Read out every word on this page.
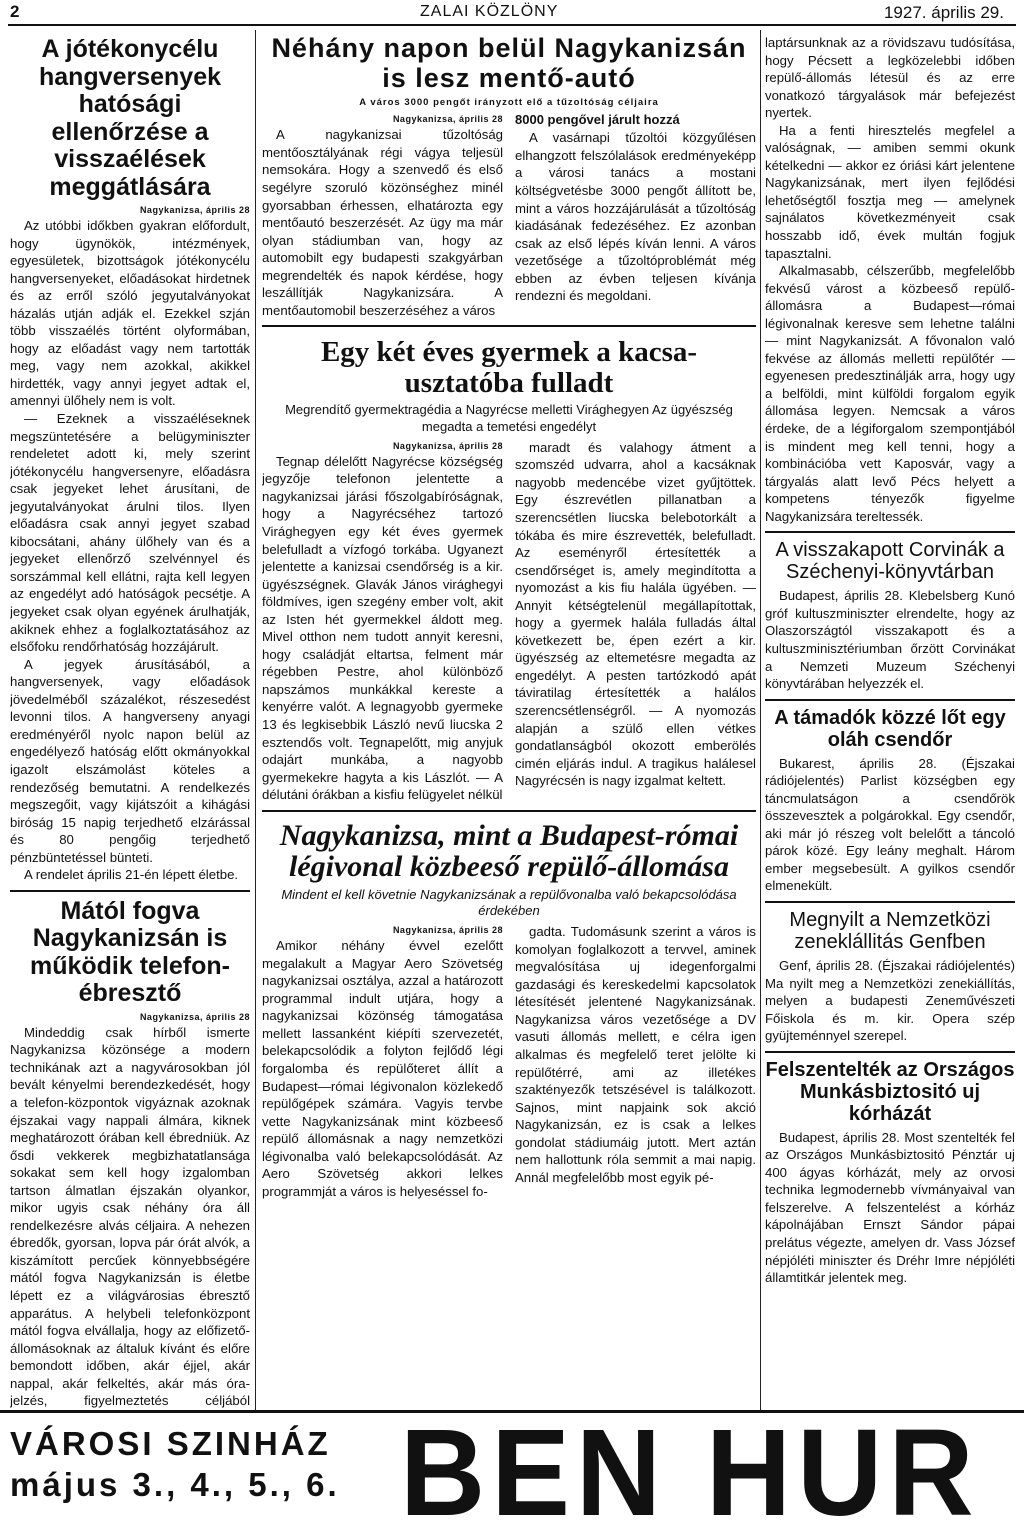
2	ZALAI KÖZLÖNY	1927. április 29.
A jótékonycélu hangversenyek hatósági ellenőrzése a visszaélések meggátlására
Nagykanizsa, április 28

Az utóbbi időkben gyakran előfordult, hogy ügynökök, intézmények, egyesületek, bizottságok jótékonycélu hangversenyeket, előadásokat hirdetnek és az erről szóló jegyutalványokat házalás utján adják el. Ezekkel szján több visszaélés történt olyformában, hogy az előadást vagy nem tartották meg, vagy nem azokkal, akikkel hirdették, vagy annyi jegyet adtak el, amennyi ülőhely nem is volt.

— Ezeknek a visszaéléseknek megszüntetésére a belügyminiszter rendeletet adott ki, mely szerint jótékonycélu hangversenyre, előadásra csak jegyeket lehet árusítani, de jegyutalványokat árulni tilos. Ilyen előadásra csak annyi jegyet szabad kibocsátani, ahány ülőhely van és a jegyeket ellenőrző szelvénnyel és sorszámmal kell ellátni, rajta kell legyen az engedélyt adó hatóságok pecsétje. A jegyeket csak olyan egyének árulhatják, akiknek ehhez a foglalkoztatásához az elsőfoku rendőrhatóság hozzájárult.

A jegyek árusításából, a hangversenyek, vagy előadások jövedelméből százalékot, részesedést levonni tilos. A hangverseny anyagi eredményéről nyolc napon belül az engedélyező hatóság előtt okmányokkal igazolt elszámolást köteles a rendezőség bemutatni. A rendelkezés megszegőit, vagy kijátszóit a kihágási biróság 15 napig terjedhető elzárással és 80 pengőig terjedhető pénzbüntetéssel bünteti.

A rendelet április 21-én lépett életbe.

Mától fogva Nagykanizsán is működik telefon-ébresztő
Nagykanizsa, április 28

Mindeddig csak hírből ismerte Nagykanizsa közönsége a modern technikának azt a nagyvárosokban jól bevált kényelmi berendezkedését, hogy a telefon-központok vigyáznak azoknak éjszakai vagy nappali álmára, kiknek meghatározott órában kell ébredniük. Az ősdi vekkerek megbizhatatlansága sokakat sem kell hogy izgalomban tartson álmatlan éjszakán olyankor, mikor ugyis csak néhány óra áll rendelkezésre alvás céljaira. A nehezen ébredők, gyorsan, lopva pár órát alvók, a kiszámított percűek könnyebbségére mától fogva Nagykanizsán is életbe lépett ez a világvárosias ébresztő apparátus. A helybeli telefonközpont mától fogva elvállalja, hogy az előfizető-állomásoknak az általuk kívánt és előre bemondott időben, akár éjjel, akár nappal, akár felkeltés, akár más óra-jelzés, figyelmeztetés céljából

Néhány napon belül Nagykanizsán is lesz mentő-autó
A város 3000 pengőt irányzott elő a tűzoltóság céljaira
Nagykanizsa, április 28

A nagykanizsai tűzoltóság mentőosztályának régi vágya teljesül nemsokára. Hogy a szenvedő és első segélyre szoruló közönséghez minél gyorsabban érhessen, elhatározta egy mentőautó beszerzését. Az ügy ma már olyan stádiumban van, hogy az automobilt egy budapesti szakgyárban megrendelték és napok kérdése, hogy leszállítják Nagykanizsára. A mentőautomobil beszerzéséhez a város

8000 pengővel járult hozzá

A vasárnapi tűzoltói közgyűlésen elhangzott felszólalások eredményeképp a városi tanács a mostani költségvetésbe 3000 pengőt állított be, mint a város hozzájárulását a tűzoltóság kiadásának fedezéséhez. Ez azonban csak az első lépés kíván lenni. A város vezetősége a tűzoltóproblémát még ebben az évben teljesen kívánja rendezni és megoldani.

Egy két éves gyermek a kacsa-usztatóba fulladt
Megrendítő gyermektragédia a Nagyrécse melletti Virághegyen Az ügyészség megadta a temetési engedélyt
Nagykanizsa, április 28

Tegnap délelőtt Nagyrécse községség jegyzője telefonon jelentette a nagykanizsai járási főszolgabíróságnak, hogy a Nagyrécséhez tartozó Virághegyen egy két éves gyermek belefulladt a vízfogó torkába. Ugyanezt jelentette a kanizsai csendőrség is a kir. ügyészségnek. Glavák János virághegyi földmíves, igen szegény ember volt, akit az Isten hét gyermekkel áldott meg. Mivel otthon nem tudott annyit keresni, hogy családját eltartsa, felment már régebben Pestre, ahol különböző napszámos munkákkal kereste a kenyérre valót. A legnagyobb gyermeke 13 és legkisebbik László nevű liucska 2 esztendős volt. Tegnapelőtt, mig anyjuk odajárt munkába, a nagyobb gyermekekre hagyta a kis Lászlót. — A délutáni órákban a kisfiu felügyelet nélkül

maradt és valahogy átment a szomszéd udvarra, ahol a kacsáknak nagyobb medencébe vizet gyűjtöttek. Egy észrevétlen pillanatban a szerencsétlen liucska belebotorkált a tókába és mire észrevették, belefulladt. Az eseményről értesítették a csendőrséget is, amely megindította a nyomozást a kis fiu halála ügyében. — Annyit kétségtelenül megállapítottak, hogy a gyermek halála fulladás által következett be, épen ezért a kir. ügyészség az eltemetésre megadta az engedélyt. A pesten tartózkodó apát táviratilag értesítették a halálos szerencsétlenségről. — A nyomozás alapján a szülő ellen vétkes gondatlanságból okozott emberölés cimén eljárás indul. A tragikus halálesel Nagyrécsén is nagy izgalmat keltett.

Nagykanizsa, mint a Budapest-római légivonal közbeeső repülő-állomása
Mindent el kell követnie Nagykanizsának a repülővonalba való bekapcsolódása érdekében
Nagykanizsa, április 28

Amikor néhány évvel ezelőtt megalakult a Magyar Aero Szövetség nagykanizsai osztálya, azzal a határozott programmal indult utjára, hogy a nagykanizsai közönség támogatása mellett lassanként kiépíti szervezetét, belekapcsolódik a folyton fejlődő légi forgalomba és repülőteret állít a Budapest—római légivonalon közlekedő repülőgépek számára. Vagyis tervbe vette Nagykanizsának mint közbeeső repülő állomásnak a nagy nemzetközi légivonalba való belekapcsolódását. Az Aero Szövetség akkori lelkes programmját a város is helyeséssel fo-

gadta. Tudomásunk szerint a város is komolyan foglalkozott a tervvel, aminek megvalósítása uj idegenforgalmi gazdasági és kereskedelmi kapcsolatok létesítését jelentené Nagykanizsának. Nagykanizsa város vezetősége a DV vasuti állomás mellett, e célra igen alkalmas és megfelelő teret jelölte ki repülőtérré, ami az illetékes szaktényezők tetszésével is találkozott. Sajnos, mint napjaink sok akció Nagykanizsán, ez is csak a lelkes gondolat stádiumáig jutott. Mert aztán nem hallottunk róla semmit a mai napig. Annál megfelelőbb most egyik pé-

laptársunknak az a rövidszavu tudósítása, hogy Pécsett a legközelebbi időben repülő-állomás létesül és az erre vonatkozó tárgyalások már befejezést nyertek.

Ha a fenti hiresztelés megfelel a valóságnak, — amiben semmi okunk kételkedni — akkor ez óriási kárt jelentene Nagykanizsának, mert ilyen fejlődési lehetőségtől fosztja meg — amelynek sajnálatos következményeit csak hosszabb idő, évek multán fogjuk tapasztalni.

Alkalmasabb, célszerűbb, megfelelőbb fekvésű várost a közbeeső repülő-állomásra a Budapest—római légivonalnak keresve sem lehetne találni — mint Nagykanizsát. A fővonalon való fekvése az állomás melletti repülőtér — egyenesen predesztinálják arra, hogy ugy a belföldi, mint külföldi forgalom egyik állomása legyen. Nemcsak a város érdeke, de a légiforgalom szempontjából is mindent meg kell tenni, hogy a kombinációba vett Kaposvár, vagy a tárgyalás alatt levő Pécs helyett a kompetens tényezők figyelme Nagykanizsára tereltessék.

A visszakapott Corvinák a Széchenyi-könyvtárban

Budapest, április 28. Klebelsberg Kunó gróf kultuszminiszter elrendelte, hogy az Olaszországtól visszakapott és a kultuszminisztériumban őrzött Corvinákat a Nemzeti Muzeum Széchenyi könyvtárában helyezzék el.

A támadók közzé lőt egy oláh csendőr

Bukarest, április 28. (Éjszakai rádiójelentés) Parlist községben egy táncmulatságon a csendőrök összevesztek a polgárokkal. Egy csendőr, aki már jó részeg volt belelőtt a táncoló párok közé. Egy leány meghalt. Három ember megsebesült. A gyilkos csendőr elmenekült.

Megnyilt a Nemzetközi zeneklállitás Genfben

Genf, április 28. (Éjszakai rádiójelentés) Ma nyilt meg a Nemzetközi zenekiállítás, melyen a budapesti Zeneművészeti Főiskola és m. kir. Opera szép gyüjteménnyel szerepel.

Felszentelték az Országos Munkásbiztositó uj kórházát

Budapest, április 28. Most szentelték fel az Országos Munkásbiztositó Pénztár uj 400 ágyas kórházát, mely az orvosi technika legmodernebb vívmányaival van felszerelve. A felszentelést a kórház kápolnájában Ernszt Sándor pápai prelátus végezte, amelyen dr. Vass József népjóléti miniszter és Dréhr Imre népjóléti államtitkár jelentek meg.

VÁROSI SZINHÁZ
május 3., 4., 5., 6. BEN HUR
